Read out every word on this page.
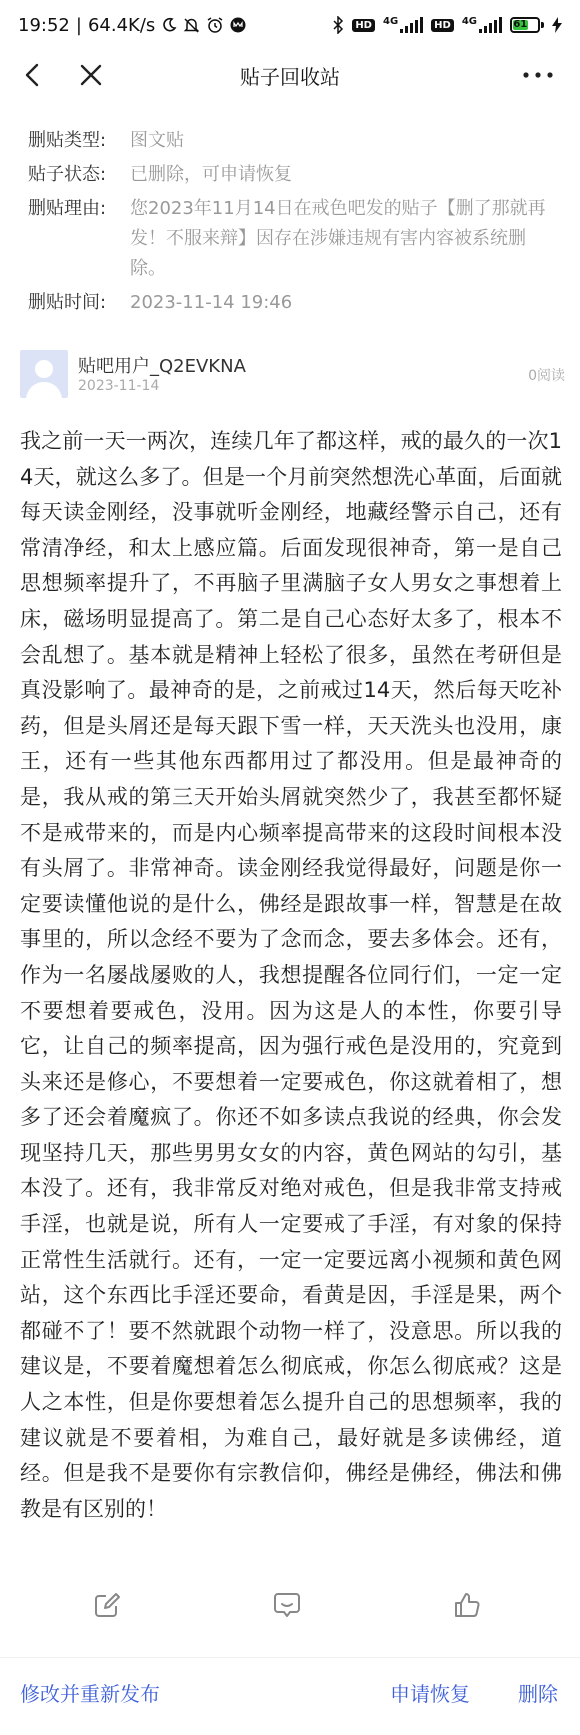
19:52 | 64.4K/s	HD	4G	HD	4G	61
贴子回收站
删贴类型:	图文贴
贴子状态:	已删除，可申请恢复
删贴理由:	您2023年11月14日在戒色吧发的贴子【删了那就再发！不服来辩】因存在涉嫌违规有害内容被系统删除。
删贴时间:	2023-11-14 19:46
贴吧用户_Q2EVKNA
2023-11-14
0阅读
我之前一天一两次，连续几年了都这样，戒的最久的一次14天，就这么多了。但是一个月前突然想洗心革面，后面就每天读金刚经，没事就听金刚经，地藏经警示自己，还有常清净经，和太上感应篇。后面发现很神奇，第一是自己思想频率提升了，不再脑子里满脑子女人男女之事想着上床，磁场明显提高了。第二是自己心态好太多了，根本不会乱想了。基本就是精神上轻松了很多，虽然在考研但是真没影响了。最神奇的是，之前戒过14天，然后每天吃补药，但是头屑还是每天跟下雪一样，天天洗头也没用，康王，还有一些其他东西都用过了都没用。但是最神奇的是，我从戒的第三天开始头屑就突然少了，我甚至都怀疑不是戒带来的，而是内心频率提高带来的这段时间根本没有头屑了。非常神奇。读金刚经我觉得最好，问题是你一定要读懂他说的是什么，佛经是跟故事一样，智慧是在故事里的，所以念经不要为了念而念，要去多体会。还有，作为一名屡战屡败的人，我想提醒各位同行们，一定一定不要想着要戒色，没用。因为这是人的本性，你要引导它，让自己的频率提高，因为强行戒色是没用的，究竟到头来还是修心，不要想着一定要戒色，你这就着相了，想多了还会着魔疯了。你还不如多读点我说的经典，你会发现坚持几天，那些男男女女的内容，黄色网站的勾引，基本没了。还有，我非常反对绝对戒色，但是我非常支持戒手淫，也就是说，所有人一定要戒了手淫，有对象的保持正常性生活就行。还有，一定一定要远离小视频和黄色网站，这个东西比手淫还要命，看黄是因，手淫是果，两个都碰不了！要不然就跟个动物一样了，没意思。所以我的建议是，不要着魔想着怎么彻底戒，你怎么彻底戒？这是人之本性，但是你要想着怎么提升自己的思想频率，我的建议就是不要着相，为难自己，最好就是多读佛经，道经。但是我不是要你有宗教信仰，佛经是佛经，佛法和佛教是有区别的！
修改并重新发布	申请恢复 删除
